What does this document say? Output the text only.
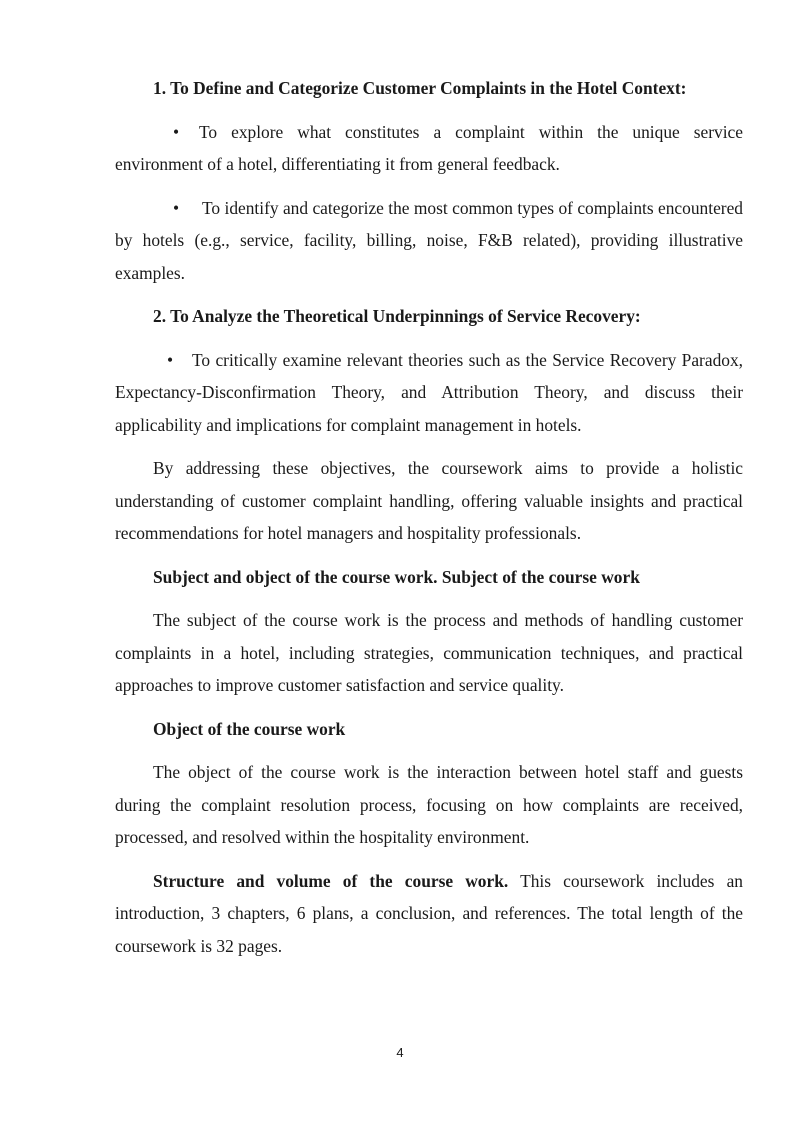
1. To Define and Categorize Customer Complaints in the Hotel Context:

• To explore what constitutes a complaint within the unique service environment of a hotel, differentiating it from general feedback.

• To identify and categorize the most common types of complaints encountered by hotels (e.g., service, facility, billing, noise, F&B related), providing illustrative examples.

2. To Analyze the Theoretical Underpinnings of Service Recovery:

• To critically examine relevant theories such as the Service Recovery Paradox, Expectancy-Disconfirmation Theory, and Attribution Theory, and discuss their applicability and implications for complaint management in hotels.

By addressing these objectives, the coursework aims to provide a holistic understanding of customer complaint handling, offering valuable insights and practical recommendations for hotel managers and hospitality professionals.

Subject and object of the course work. Subject of the course work

The subject of the course work is the process and methods of handling customer complaints in a hotel, including strategies, communication techniques, and practical approaches to improve customer satisfaction and service quality.

Object of the course work

The object of the course work is the interaction between hotel staff and guests during the complaint resolution process, focusing on how complaints are received, processed, and resolved within the hospitality environment.

Structure and volume of the course work. This coursework includes an introduction, 3 chapters, 6 plans, a conclusion, and references. The total length of the coursework is 32 pages.

4
